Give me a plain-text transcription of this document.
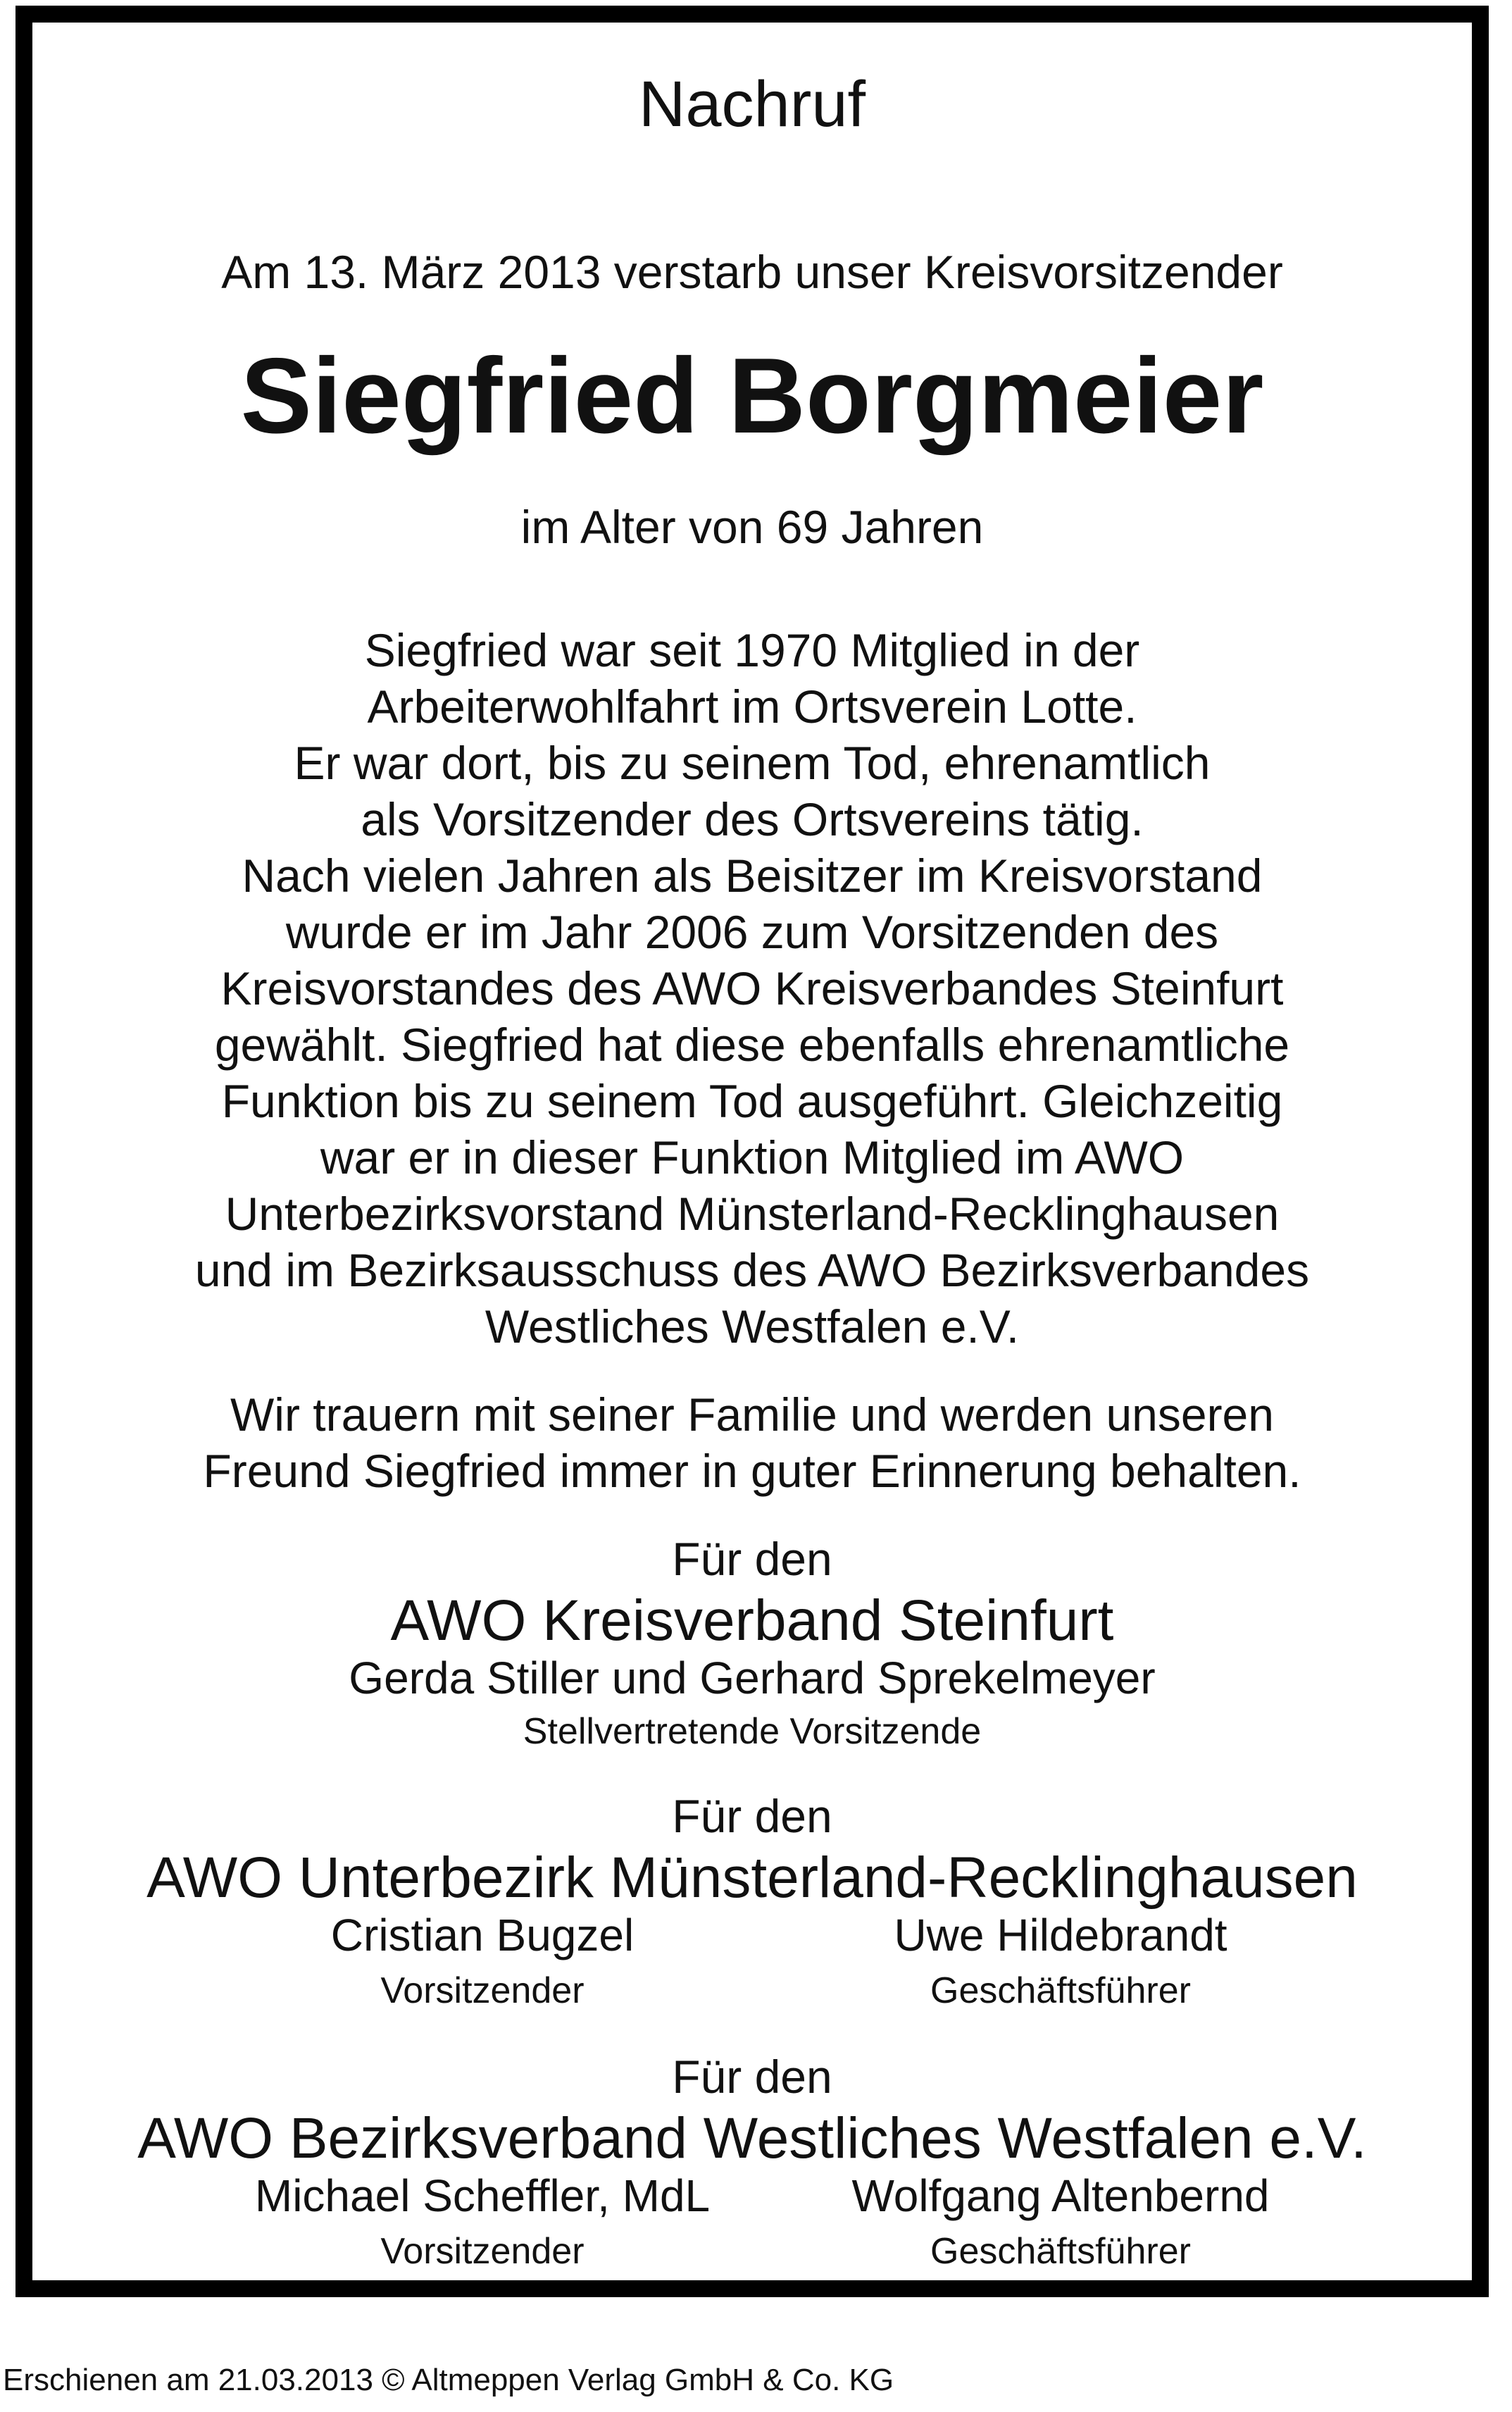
Nachruf
Am 13. März 2013 verstarb unser Kreisvorsitzender
Siegfried Borgmeier
im Alter von 69 Jahren
Siegfried war seit 1970 Mitglied in der
Arbeiterwohlfahrt im Ortsverein Lotte.
Er war dort, bis zu seinem Tod, ehrenamtlich
als Vorsitzender des Ortsvereins tätig.
Nach vielen Jahren als Beisitzer im Kreisvorstand
wurde er im Jahr 2006 zum Vorsitzenden des
Kreisvorstandes des AWO Kreisverbandes Steinfurt
gewählt. Siegfried hat diese ebenfalls ehrenamtliche
Funktion bis zu seinem Tod ausgeführt. Gleichzeitig
war er in dieser Funktion Mitglied im AWO
Unterbezirksvorstand Münsterland-Recklinghausen
und im Bezirksausschuss des AWO Bezirksverbandes
Westliches Westfalen e.V.
Wir trauern mit seiner Familie und werden unseren
Freund Siegfried immer in guter Erinnerung behalten.
Für den
AWO Kreisverband Steinfurt
Gerda Stiller und Gerhard Sprekelmeyer
Stellvertretende Vorsitzende
Für den
AWO Unterbezirk Münsterland-Recklinghausen
Cristian Bugzel	Uwe Hildebrandt
Vorsitzender	Geschäftsführer
Für den
AWO Bezirksverband Westliches Westfalen e.V.
Michael Scheffler, MdL	Wolfgang Altenbernd
Vorsitzender	Geschäftsführer
Erschienen am 21.03.2013 © Altmeppen Verlag GmbH & Co. KG
